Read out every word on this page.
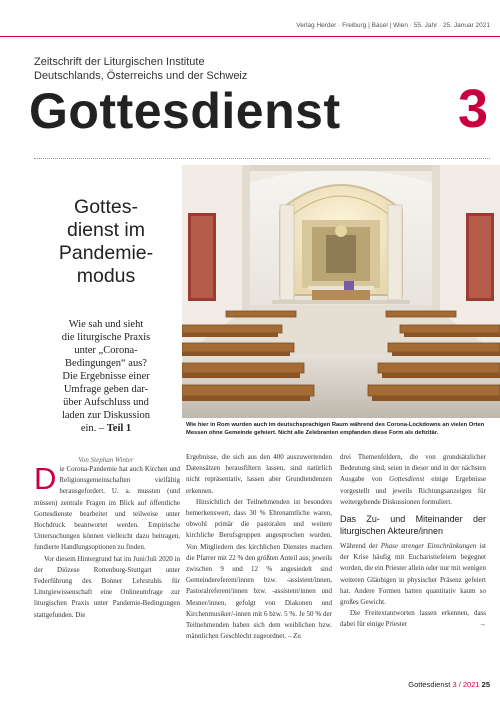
Verlag Herder · Freiburg | Basel | Wien · 55. Jahr · 25. Januar 2021
Zeitschrift der Liturgischen Institute
Deutschlands, Österreichs und der Schweiz
Gottesdienst 3
Gottes-
dienst im
Pandemie-
modus
Wie sah und sieht
die liturgische Praxis
unter „Corona-
Bedingungen“ aus?
Die Ergebnisse einer
Umfrage geben dar-
über Aufschluss und
laden zur Diskussion
ein. – Teil 1
Von Stephan Winter
Wie hier in Rom wurden auch im deutschsprachigen Raum während des Corona-Lockdowns an vielen Orten Messen ohne Gemeinde gefeiert. Nicht alle Zelebranten empfanden diese Form als defizitär.

Die Corona-Pandemie hat auch Kirchen und Religionsgemeinschaften vielfältig herausgefordert. U. a. mussten (und müssen) zentrale Fragen im Blick auf öffentliche Gottesdienste bearbeitet und teilweise unter Hochdruck beantwortet werden. Empirische Untersuchungen können vielleicht dazu beitragen, fundierte Handlungsoptionen zu finden.

Vor diesem Hintergrund hat im Juni/Juli 2020 in der Diözese Rottenburg-Stuttgart unter Federführung des Bonner Lehrstuhls für Liturgiewissenschaft eine Onlineumfrage zur liturgischen Praxis unter Pandemie-Bedingungen stattgefunden. Die

Ergebnisse, die sich aus den 400 auszuwertenden Datensätzen herausfiltern lassen, sind natürlich nicht repräsentativ, lassen aber Grundtendenzen erkennen.

Hinsichtlich der Teilnehmenden ist besonders bemerkenswert, dass 30 % Ehrenamtliche waren, obwohl primär die pastoralen und weitere kirchliche Berufsgruppen angesprochen wurden. Von Mitgliedern des kirchlichen Dienstes machen die Pfarrer mit 22 % den größten Anteil aus; jeweils zwischen 9 und 12 % angesiedelt sind Gemeindereferent/innen bzw. -assistent/innen, Pastoralreferent/innen bzw. -assistent/innen und Mesner/innen, gefolgt von Diakonen und Kirchenmusiker/-innen mit 6 bzw. 5 %. Je 50 % der Teilnehmenden haben sich dem weiblichen bzw. männlichen Geschlecht zugeordnet. – Zu

drei Themenfeldern, die von grundsätzlicher Bedeutung sind, seien in dieser und in der nächsten Ausgabe von Gottesdienst einige Ergebnisse vorgestellt und jeweils Richtungsanzeigen für weitergehende Diskussionen formuliert.

Das Zu- und Miteinander der liturgischen Akteure/innen

Während der Phase strenger Einschränkungen ist der Krise häufig mit Eucharistiefeiern begegnet worden, die ein Priester allein oder nur mit wenigen weiteren Gläubigen in physischer Präsenz gefeiert hat. Andere Formen hatten quantitativ kaum so großes Gewicht.

Die Freitextantworten lassen erkennen, dass dabei für einige Priester	→

Gottesdienst 3 / 2021 25
